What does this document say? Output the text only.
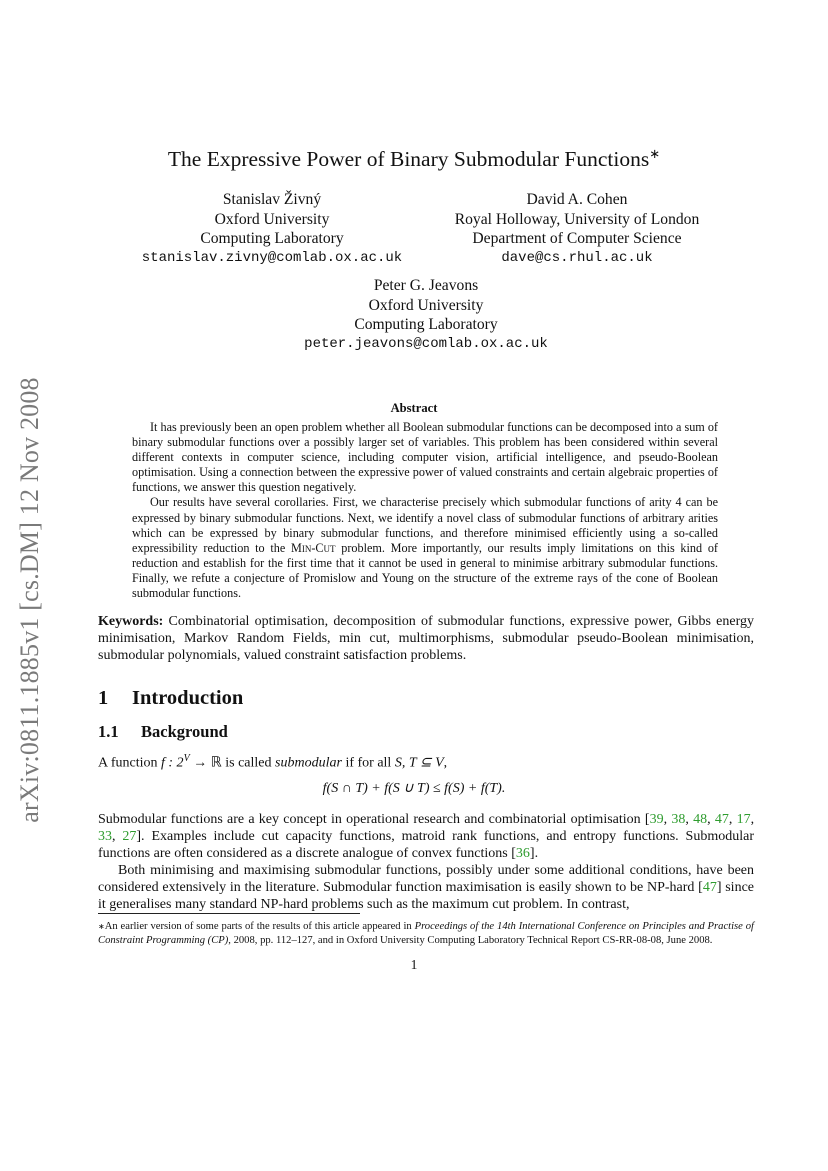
arXiv:0811.1885v1 [cs.DM] 12 Nov 2008
The Expressive Power of Binary Submodular Functions∗
Stanislav Živný
Oxford University
Computing Laboratory
stanislav.zivny@comlab.ox.ac.uk
David A. Cohen
Royal Holloway, University of London
Department of Computer Science
dave@cs.rhul.ac.uk
Peter G. Jeavons
Oxford University
Computing Laboratory
peter.jeavons@comlab.ox.ac.uk
Abstract

It has previously been an open problem whether all Boolean submodular functions can be decomposed into a sum of binary submodular functions over a possibly larger set of variables. This problem has been considered within several different contexts in computer science, including computer vision, artificial intelligence, and pseudo-Boolean optimisation. Using a connection between the expressive power of valued constraints and certain algebraic properties of functions, we answer this question negatively.

Our results have several corollaries. First, we characterise precisely which submodular functions of arity 4 can be expressed by binary submodular functions. Next, we identify a novel class of submodular functions of arbitrary arities which can be expressed by binary submodular functions, and therefore minimised efficiently using a so-called expressibility reduction to the Min-Cut problem. More importantly, our results imply limitations on this kind of reduction and establish for the first time that it cannot be used in general to minimise arbitrary submodular functions. Finally, we refute a conjecture of Promislow and Young on the structure of the extreme rays of the cone of Boolean submodular functions.

Keywords: Combinatorial optimisation, decomposition of submodular functions, expressive power, Gibbs energy minimisation, Markov Random Fields, min cut, multimorphisms, submodular pseudo-Boolean minimisation, submodular polynomials, valued constraint satisfaction problems.

1 Introduction
1.1 Background

A function f : $2^V$ → ℝ is called submodular if for all S, T ⊆ V,

f(S ∩ T) + f(S ∪ T) ≤ f(S) + f(T).

Submodular functions are a key concept in operational research and combinatorial optimisation [39, 38, 48, 47, 17, 33, 27]. Examples include cut capacity functions, matroid rank functions, and entropy functions. Submodular functions are often considered as a discrete analogue of convex functions [36].

Both minimising and maximising submodular functions, possibly under some additional conditions, have been considered extensively in the literature. Submodular function maximisation is easily shown to be NP-hard [47] since it generalises many standard NP-hard problems such as the maximum cut problem. In contrast,

∗An earlier version of some parts of the results of this article appeared in Proceedings of the 14th International Conference on Principles and Practise of Constraint Programming (CP), 2008, pp. 112–127, and in Oxford University Computing Laboratory Technical Report CS-RR-08-08, June 2008.
1
